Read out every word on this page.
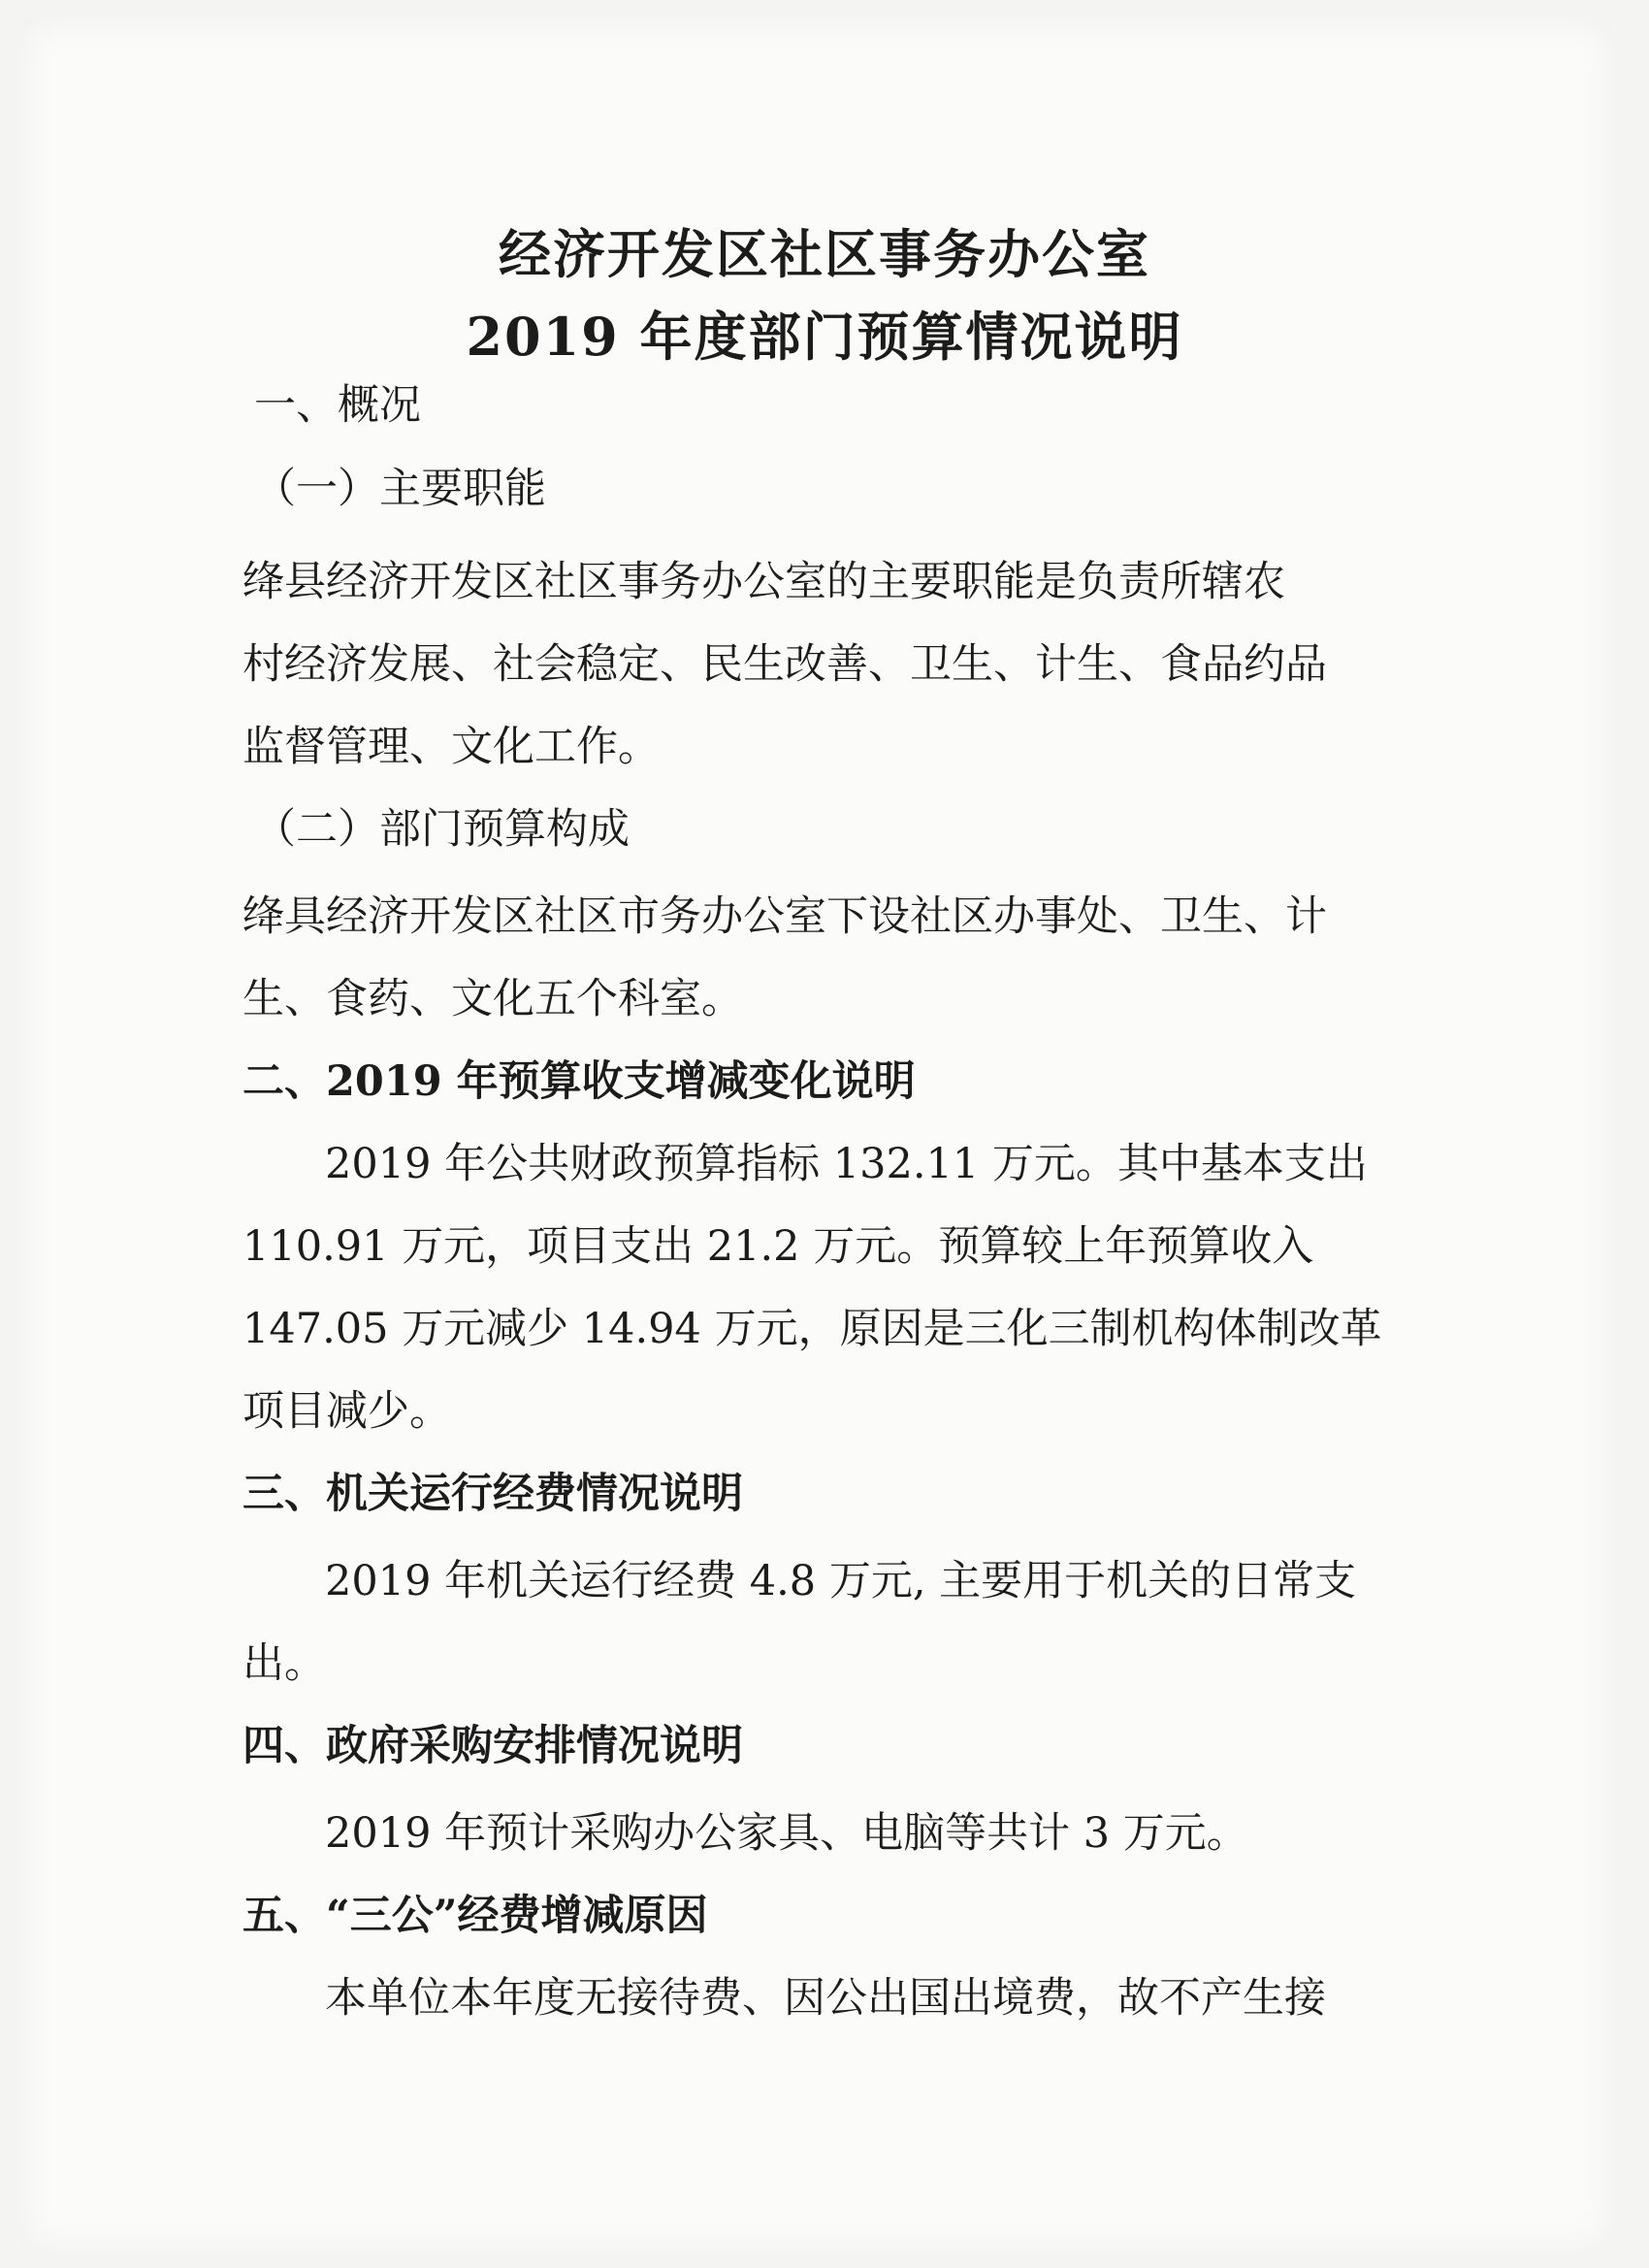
经济开发区社区事务办公室
2019 年度部门预算情况说明

一、概况

（一）主要职能

绛县经济开发区社区事务办公室的主要职能是负责所辖农

村经济发展、社会稳定、民生改善、卫生、计生、食品约品

监督管理、文化工作。

（二）部门预算构成

绛具经济开发区社区市务办公室下设社区办事处、卫生、计

生、食药、文化五个科室。

二、2019 年预算收支增减变化说明

2019 年公共财政预算指标 132.11 万元。其中基本支出

110.91 万元，项目支出 21.2 万元。预算较上年预算收入

147.05 万元减少 14.94 万元，原因是三化三制机构体制改革

项目减少。

三、机关运行经费情况说明

2019 年机关运行经费 4.8 万元, 主要用于机关的日常支

出。

四、政府采购安排情况说明

2019 年预计采购办公家具、电脑等共计 3 万元。

五、“三公”经费增减原因

本单位本年度无接待费、因公出国出境费，故不产生接
